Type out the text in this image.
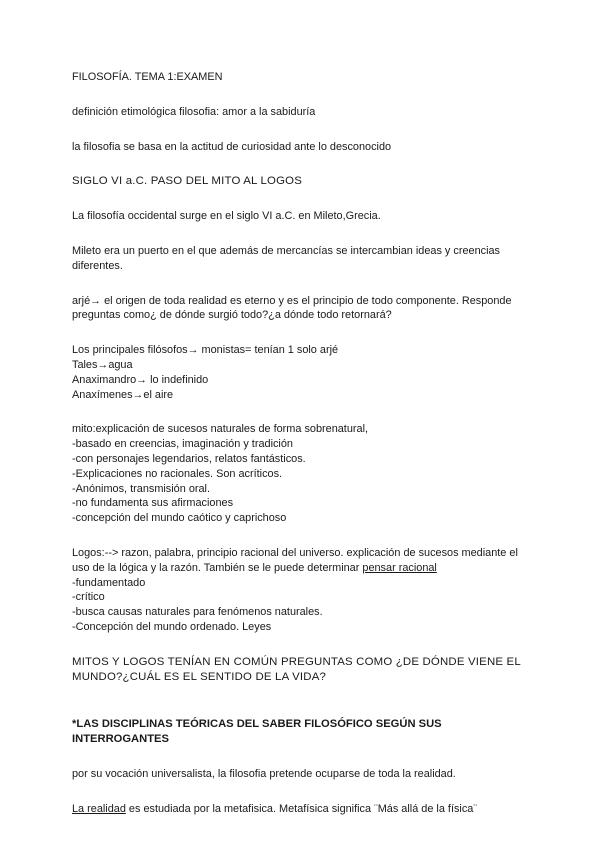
FILOSOFÍA. TEMA 1:EXAMEN
definición etimológica filosofia: amor a la sabiduría
la filosofia se basa en la actitud de curiosidad ante lo desconocido
SIGLO VI a.C. PASO DEL MITO AL LOGOS
La filosofía occidental surge en el siglo VI a.C. en Mileto,Grecia.
Mileto era un puerto en el que además de mercancías se intercambian ideas y creencias
diferentes.
arjé→ el origen de toda realidad es eterno y es el principio de todo componente. Responde
preguntas como¿ de dónde surgió todo?¿a dónde todo retornará?
Los principales filósofos→ monistas= tenían 1 solo arjé
Tales→agua
Anaximandro→ lo indefinido
Anaxímenes→el aire
mito:explicación de sucesos naturales de forma sobrenatural,
-basado en creencias, imaginación y tradición
-con personajes legendarios, relatos fantásticos.
-Explicaciones no racionales. Son acríticos.
-Anónimos, transmisión oral.
-no fundamenta sus afirmaciones
-concepción del mundo caótico y caprichoso
Logos:--> razon, palabra, principio racional del universo. explicación de sucesos mediante el
uso de la lógica y la razón. También se le puede determinar pensar racional
-fundamentado
-crítico
-busca causas naturales para fenómenos naturales.
-Concepción del mundo ordenado. Leyes
MITOS Y LOGOS TENÍAN EN COMÚN PREGUNTAS COMO ¿DE DÓNDE VIENE EL
MUNDO?¿CUÁL ES EL SENTIDO DE LA VIDA?
*LAS DISCIPLINAS TEÓRICAS DEL SABER FILOSÓFICO SEGÚN SUS
INTERROGANTES
por su vocación universalista, la filosofia pretende ocuparse de toda la realidad.
La realidad es estudiada por la metafisica. Metafísica significa ¨Más allá de la física¨
